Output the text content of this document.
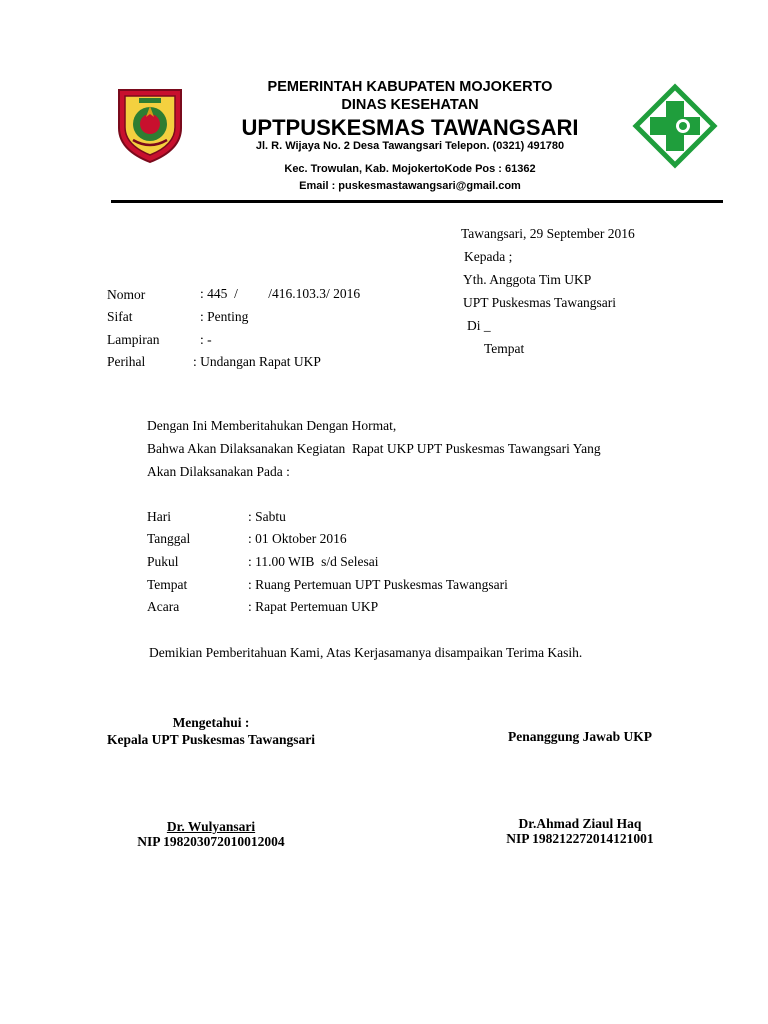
PEMERINTAH KABUPATEN MOJOKERTO
DINAS KESEHATAN
UPTPUSKESMAS TAWANGSARI
Jl. R. Wijaya No. 2 Desa Tawangsari Telepon. (0321) 491780
Kec. Trowulan, Kab. MojokertoKode Pos : 61362
Email : puskesmastawangsari@gmail.com
Tawangsari, 29 September 2016
Kepada ;
Yth. Anggota Tim UKP
UPT Puskesmas Tawangsari
Di _
Tempat
Nomor	: 445  /         /416.103.3/ 2016
Sifat	: Penting
Lampiran	: -
Perihal	: Undangan Rapat UKP
Dengan Ini Memberitahukan Dengan Hormat,
Bahwa Akan Dilaksanakan Kegiatan  Rapat UKP UPT Puskesmas Tawangsari Yang
Akan Dilaksanakan Pada :
Hari	: Sabtu
Tanggal	: 01 Oktober 2016
Pukul	: 11.00 WIB  s/d Selesai
Tempat	: Ruang Pertemuan UPT Puskesmas Tawangsari
Acara	: Rapat Pertemuan UKP
Demikian Pemberitahuan Kami, Atas Kerjasamanya disampaikan Terima Kasih.
Mengetahui :
Kepala UPT Puskesmas Tawangsari
Dr. Wulyansari
NIP 198203072010012004
Penanggung Jawab UKP
Dr.Ahmad Ziaul Haq
NIP 198212272014121001
